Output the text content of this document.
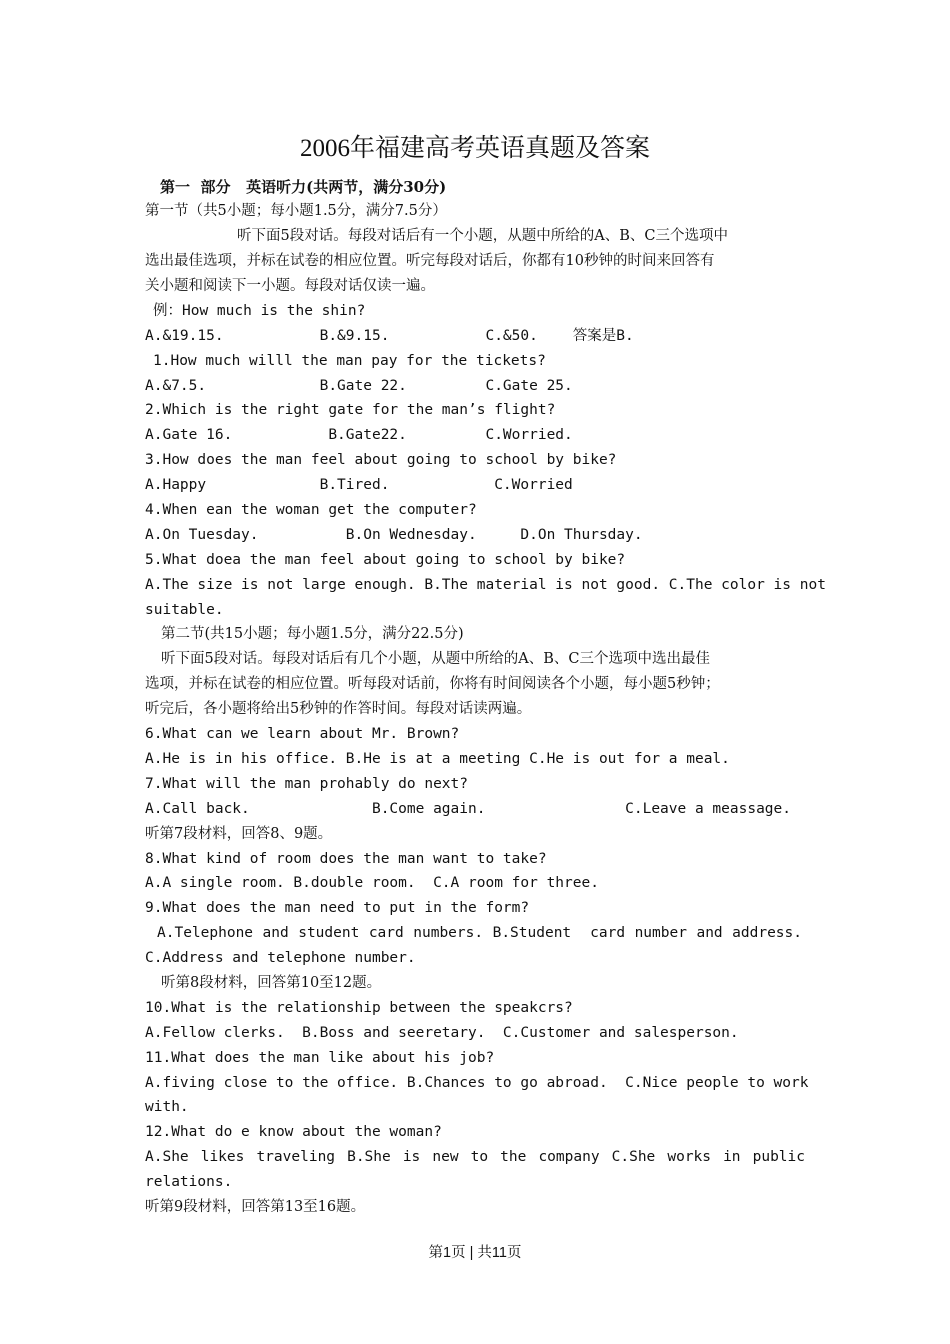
2006年福建高考英语真题及答案
第一  部分   英语听力(共两节，满分30分)
第一节（共5小题；每小题1.5分，满分7.5分）
听下面5段对话。每段对话后有一个小题，从题中所给的A、B、C三个选项中
选出最佳选项，并标在试卷的相应位置。听完每段对话后，你都有10秒钟的时间来回答有
关小题和阅读下一小题。每段对话仅读一遍。
例：How much is the shin?
A.&19.15.           B.&9.15.           C.&50.    答案是B.
1.How much willl the man pay for the tickets?
A.&7.5.             B.Gate 22.         C.Gate 25.
2.Which is the right gate for the man’s flight?
A.Gate 16.           B.Gate22.         C.Worried.
3.How does the man feel about going to school by bike?
A.Happy             B.Tired.            C.Worried
4.When ean the woman get the computer?
A.On Tuesday.          B.On Wednesday.     D.On Thursday.
5.What doea the man feel about going to school by bike?
A.The size is not large enough. B.The material is not good. C.The color is not
suitable.
第二节(共15小题；每小题1.5分，满分22.5分)
听下面5段对话。每段对话后有几个小题，从题中所给的A、B、C三个选项中选出最佳
选项，并标在试卷的相应位置。听每段对话前，你将有时间阅读各个小题，每小题5秒钟；
听完后，各小题将给出5秒钟的作答时间。每段对话读两遍。
6.What can we learn about Mr. Brown?
A.He is in his office. B.He is at a meeting C.He is out for a meal.
7.What will the man prohably do next?
A.Call back.              B.Come again.                C.Leave a meassage.
听第7段材料，回答8、9题。
8.What kind of room does the man want to take?
A.A single room. B.double room.  C.A room for three.
9.What does the man need to put in the form?
A.Telephone and student card numbers. B.Student  card number and address.
C.Address and telephone number.
听第8段材料，回答第10至12题。
10.What is the relationship between the speakcrs?
A.Fellow clerks.  B.Boss and seeretary.  C.Customer and salesperson.
11.What does the man like about his job?
A.fiving close to the office. B.Chances to go abroad.  C.Nice people to work
with.
12.What do e know about the woman?
A.She likes traveling B.She is new to the company C.She works in public
relations.
听第9段材料，回答第13至16题。
第1页 | 共11页
